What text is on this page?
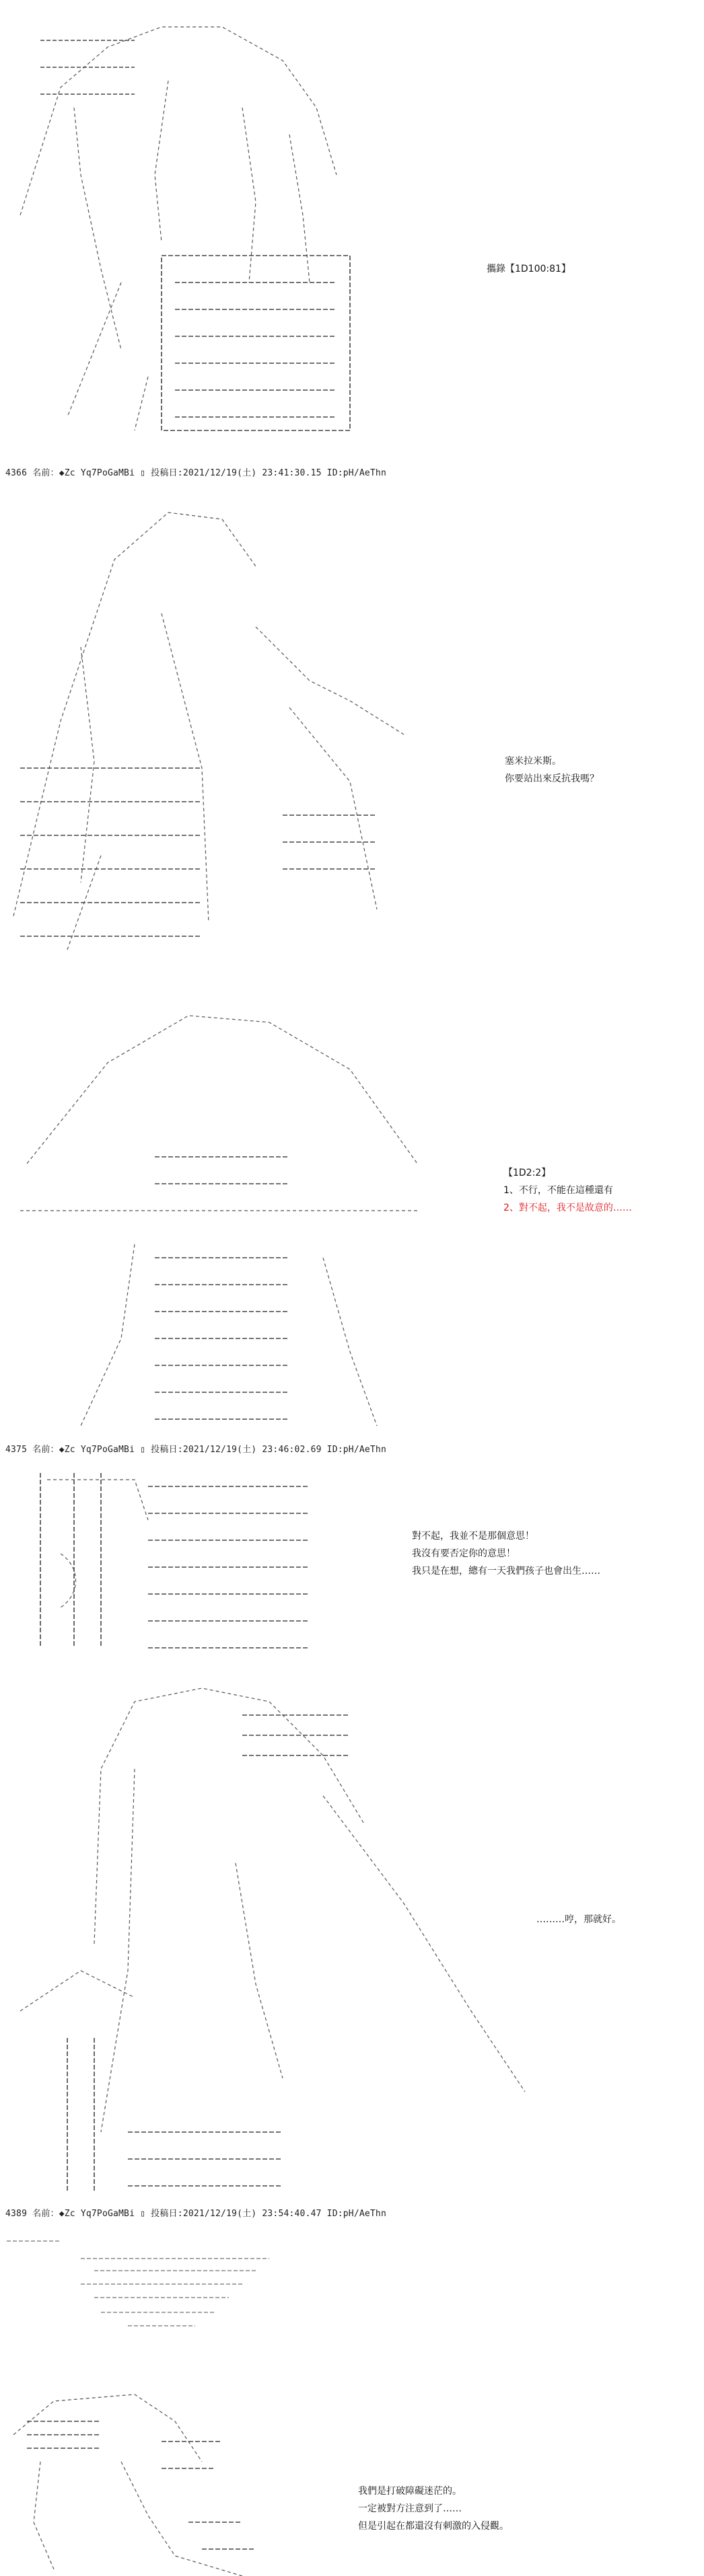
攜錄【1D100:81】
4366 名前：◆Zc Yq7PoGaMBi ▯ 投稿日:2021/12/19(土) 23:41:30.15 ID:pH/AeThn
塞米拉米斯。
你要站出來反抗我嗎？
【1D2:2】
1、不行，不能在這種還有
2、對不起，我不是故意的……
4375 名前：◆Zc Yq7PoGaMBi ▯ 投稿日:2021/12/19(土) 23:46:02.69 ID:pH/AeThn
對不起，我並不是那個意思！
我沒有要否定你的意思！
我只是在想，總有一天我們孩子也會出生……
………哼，那就好。
4389 名前：◆Zc Yq7PoGaMBi ▯ 投稿日:2021/12/19(土) 23:54:40.47 ID:pH/AeThn
我們是打破障礙迷茫的。
一定被對方注意到了……
但是引起在都還沒有刺激的入侵觀。
